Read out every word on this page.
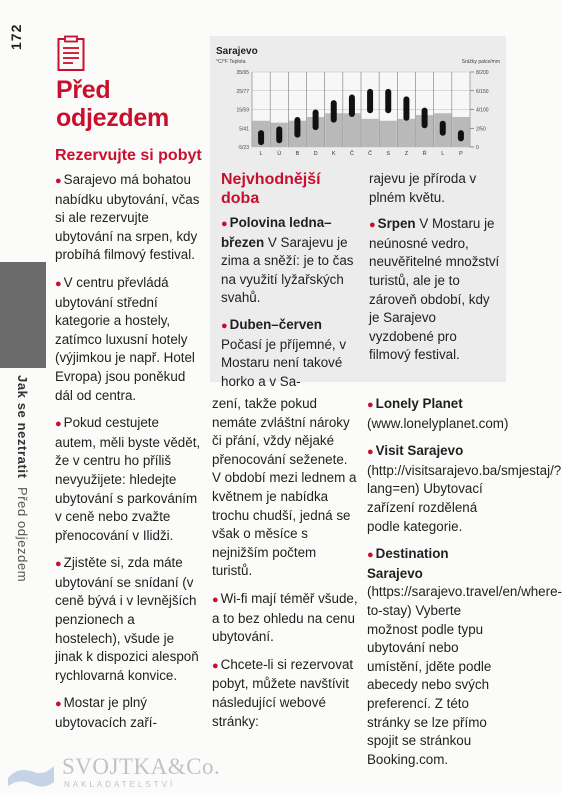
172
Jak se neztratit  Před odjezdem
Před odjezdem
Rezervujte si pobyt

● Sarajevo má bohatou nabídku ubytování, včas si ale rezervujte ubytování na srpen, kdy probíhá filmový festival.

● V centru převládá ubytování střední kategorie a hostely, zatímco luxusní hotely (výjimkou je např. Hotel Evropa) jsou poněkud dál od centra.

● Pokud cestujete autem, měli byste vědět, že v centru ho příliš nevyužijete: hledejte ubytování s parkováním v ceně nebo zvažte přenocování v Ilidži.

● Zjistěte si, zda máte ubytování se snídaní (v ceně bývá i v levnějších penzionech a hostelech), všude je jinak k dispozici alespoň rychlovarná konvice.

● Mostar je plný ubytovacích zaří-

Sarajevo
°C/°F Teplota	Srážky palce/mm
35/95
25/77
15/59
5/41
-5/23
8/200
6/150
4/100
2/50
0
L	Ú	B	D	K	Č	Č	S	Z	Ř	L	P
Nejvhodnější doba

● Polovina ledna–březen V Sarajevu je zima a sněží: je to čas na využití lyžařských svahů.

● Duben–červen Počasí je příjemné, v Mostaru není takové horko a v Sa-

rajevu je příroda v plném květu.

● Srpen V Mostaru je neúnosné vedro, neuvěřitelné množství turistů, ale je to zároveň období, kdy je Sarajevo vyzdobené pro filmový festival.

zení, takže pokud nemáte zvláštní nároky či přání, vždy nějaké přenocování seženete. V období mezi lednem a květnem je nabídka trochu chudší, jedná se však o měsíce s nejnižším počtem turistů.

● Wi-fi mají téměř všude, a to bez ohledu na cenu ubytování.

● Chcete-li si rezervovat pobyt, můžete navštívit následující webové stránky:

● Lonely Planet (www.lonelyplanet.com)

● Visit Sarajevo (http://visitsarajevo.ba/smjestaj/?lang=en) Ubytovací zařízení rozdělená podle kategorie.

● Destination Sarajevo (https://sarajevo.travel/en/where-to-stay) Vyberte možnost podle typu ubytování nebo umístění, jděte podle abecedy nebo svých preferencí. Z této stránky se lze přímo spojit se stránkou Booking.com.

SVOJTKA&Co.
NAKLADATELSTVÍ
